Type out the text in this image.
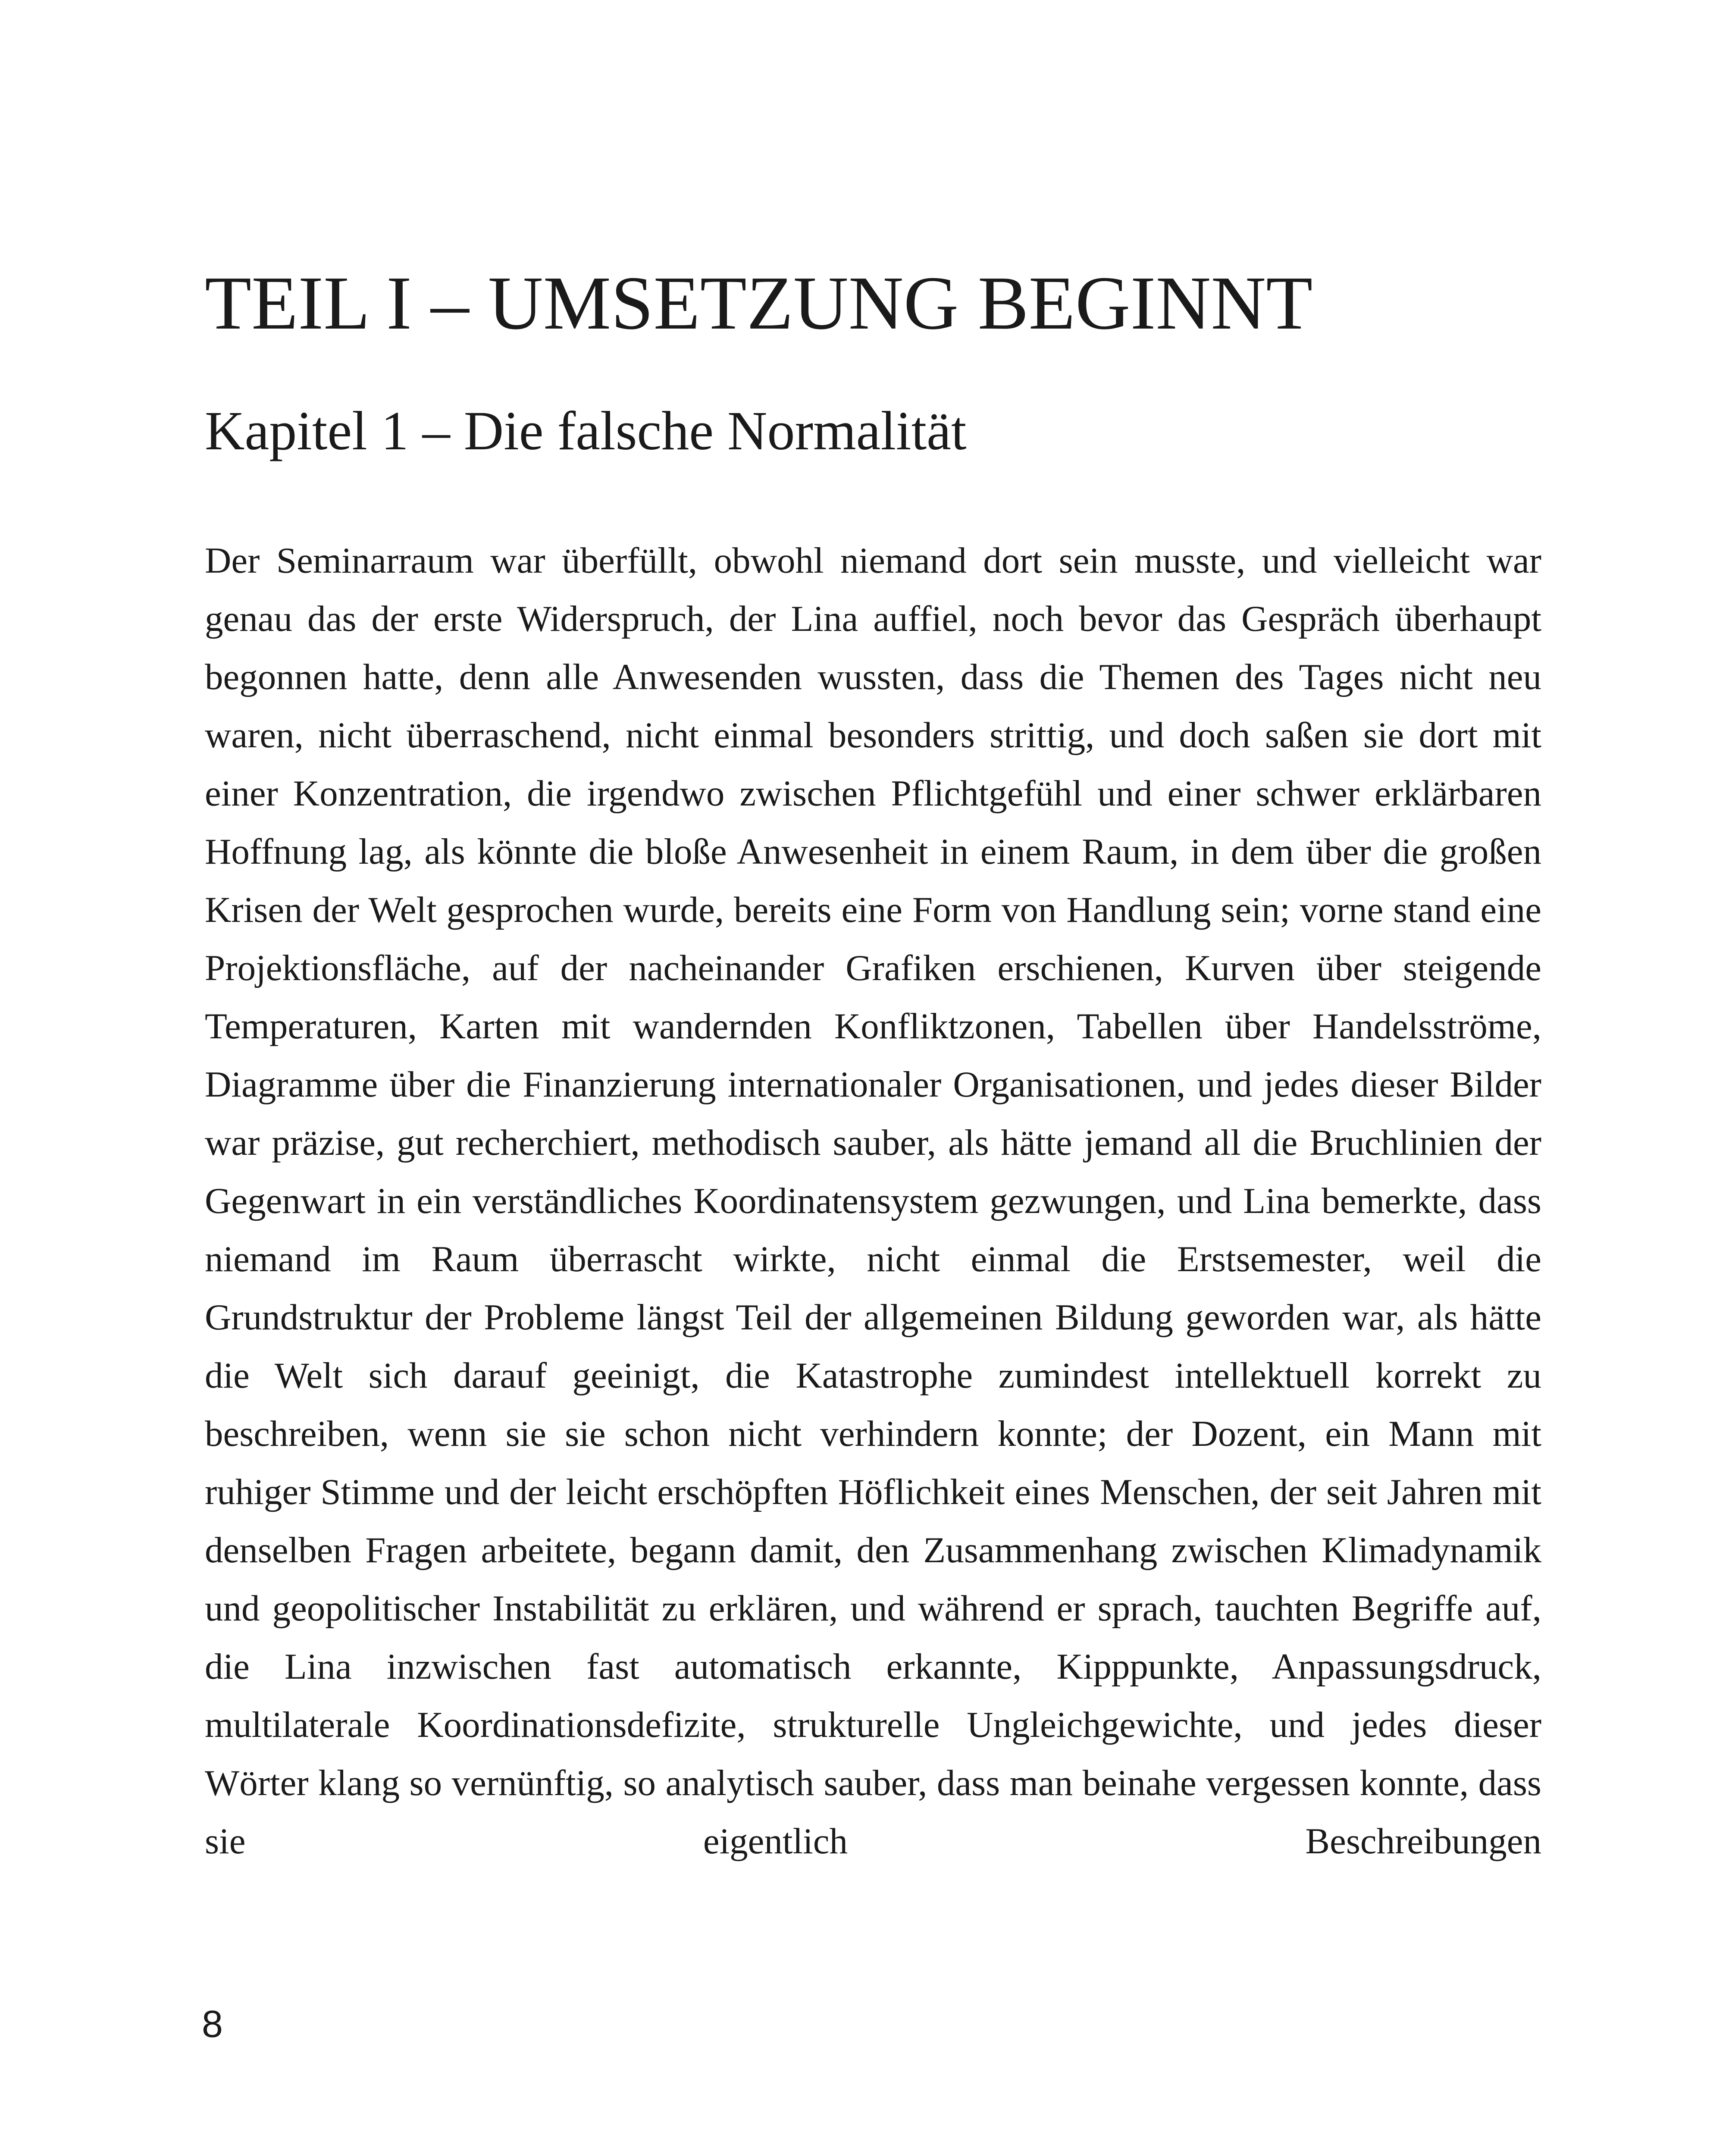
TEIL I – UMSETZUNG BEGINNT
Kapitel 1 – Die falsche Normalität

Der Seminarraum war überfüllt, obwohl niemand dort sein musste, und vielleicht war genau das der erste Widerspruch, der Lina auffiel, noch bevor das Gespräch überhaupt begonnen hatte, denn alle Anwesenden wussten, dass die Themen des Tages nicht neu waren, nicht überraschend, nicht einmal besonders strittig, und doch saßen sie dort mit einer Konzentration, die irgendwo zwischen Pflichtgefühl und einer schwer erklärbaren Hoffnung lag, als könnte die bloße Anwesenheit in einem Raum, in dem über die großen Krisen der Welt gesprochen wurde, bereits eine Form von Handlung sein; vorne stand eine Projektionsfläche, auf der nacheinander Grafiken erschienen, Kurven über steigende Temperaturen, Karten mit wandernden Konfliktzonen, Tabellen über Handelsströme, Diagramme über die Finanzierung internationaler Organisationen, und jedes dieser Bilder war präzise, gut recherchiert, methodisch sauber, als hätte jemand all die Bruchlinien der Gegenwart in ein verständliches Koordinatensystem gezwungen, und Lina bemerkte, dass niemand im Raum überrascht wirkte, nicht einmal die Erstsemester, weil die Grundstruktur der Probleme längst Teil der allgemeinen Bildung geworden war, als hätte die Welt sich darauf geeinigt, die Katastrophe zumindest intellektuell korrekt zu beschreiben, wenn sie sie schon nicht verhindern konnte; der Dozent, ein Mann mit ruhiger Stimme und der leicht erschöpften Höflichkeit eines Menschen, der seit Jahren mit denselben Fragen arbeitete, begann damit, den Zusammenhang zwischen Klimadynamik und geopolitischer Instabilität zu erklären, und während er sprach, tauchten Begriffe auf, die Lina inzwischen fast automatisch erkannte, Kipppunkte, Anpassungsdruck, multilaterale Koordinationsdefizite, strukturelle Ungleichgewichte, und jedes dieser Wörter klang so vernünftig, so analytisch sauber, dass man beinahe vergessen konnte, dass sie eigentlich Beschreibungen

8
